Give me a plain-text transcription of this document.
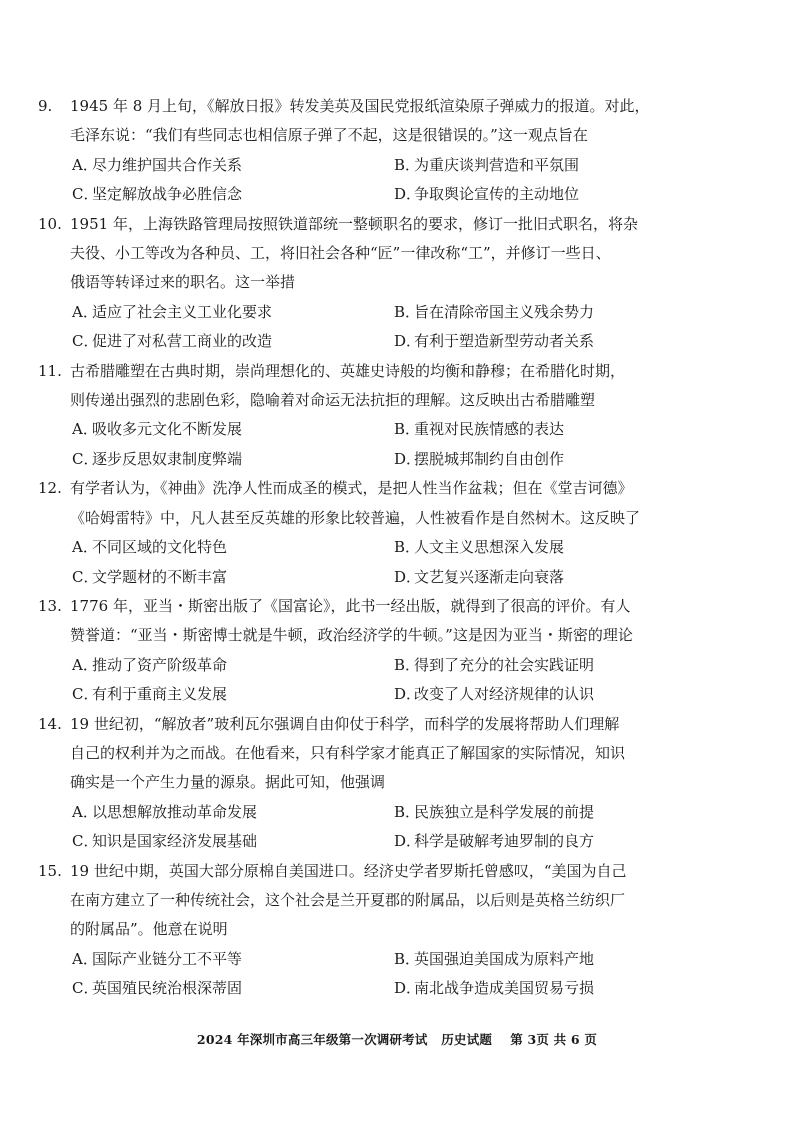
9. 1945 年 8 月上旬，《解放日报》转发美英及国民党报纸渲染原子弹威力的报道。对此，
毛泽东说：“我们有些同志也相信原子弹了不起，这是很错误的。”这一观点旨在
A．尽力维护国共合作关系	B．为重庆谈判营造和平氛围
C．坚定解放战争必胜信念	D．争取舆论宣传的主动地位
10. 1951 年，上海铁路管理局按照铁道部统一整顿职名的要求，修订一批旧式职名，将杂
夫役、小工等改为各种员、工，将旧社会各种“匠”一律改称“工”，并修订一些日、
俄语等转译过来的职名。这一举措
A．适应了社会主义工业化要求	B．旨在清除帝国主义残余势力
C．促进了对私营工商业的改造	D．有利于塑造新型劳动者关系
11. 古希腊雕塑在古典时期，崇尚理想化的、英雄史诗般的均衡和静穆；在希腊化时期，
则传递出强烈的悲剧色彩，隐喻着对命运无法抗拒的理解。这反映出古希腊雕塑
A．吸收多元文化不断发展	B．重视对民族情感的表达
C．逐步反思奴隶制度弊端	D．摆脱城邦制约自由创作
12. 有学者认为，《神曲》洗净人性而成圣的模式，是把人性当作盆栽；但在《堂吉诃德》
《哈姆雷特》中，凡人甚至反英雄的形象比较普遍，人性被看作是自然树木。这反映了
A．不同区域的文化特色	B．人文主义思想深入发展
C．文学题材的不断丰富	D．文艺复兴逐渐走向衰落
13. 1776 年，亚当・斯密出版了《国富论》，此书一经出版，就得到了很高的评价。有人
赞誉道：“亚当・斯密博士就是牛顿，政治经济学的牛顿。”这是因为亚当・斯密的理论
A．推动了资产阶级革命	B．得到了充分的社会实践证明
C．有利于重商主义发展	D．改变了人对经济规律的认识
14. 19 世纪初，“解放者”玻利瓦尔强调自由仰仗于科学，而科学的发展将帮助人们理解
自己的权利并为之而战。在他看来，只有科学家才能真正了解国家的实际情况，知识
确实是一个产生力量的源泉。据此可知，他强调
A．以思想解放推动革命发展	B．民族独立是科学发展的前提
C．知识是国家经济发展基础	D．科学是破解考迪罗制的良方
15. 19 世纪中期，英国大部分原棉自美国进口。经济史学者罗斯托曾感叹，“美国为自己
在南方建立了一种传统社会，这个社会是兰开夏郡的附属品，以后则是英格兰纺织厂
的附属品”。他意在说明
A．国际产业链分工不平等	B．英国强迫美国成为原料产地
C．英国殖民统治根深蒂固	D．南北战争造成美国贸易亏损
2024 年深圳市高三年级第一次调研考试 历史试题 第 3页 共 6 页
